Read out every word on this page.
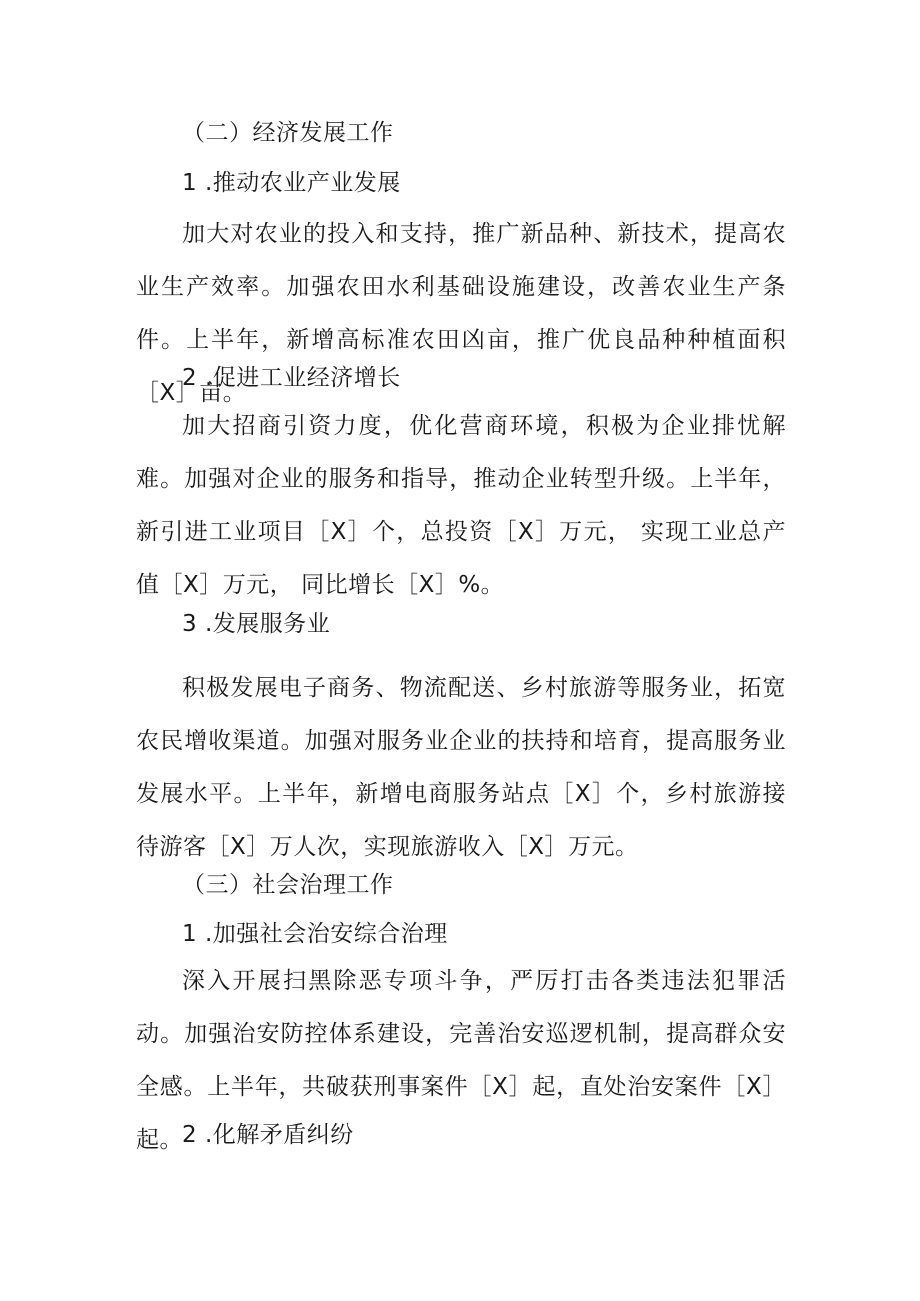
（二）经济发展工作
1 .推动农业产业发展
加大对农业的投入和支持，推广新品种、新技术，提高农业生产效率。加强农田水利基础设施建设，改善农业生产条件。上半年，新增高标准农田凶亩，推广优良品种种植面积［X］亩。
2 .促进工业经济增长
加大招商引资力度，优化营商环境，积极为企业排忧解难。加强对企业的服务和指导，推动企业转型升级。上半年，新引进工业项目［X］个，总投资［X］万元， 实现工业总产值［X］万元， 同比增长［X］%。
3 .发展服务业
积极发展电子商务、物流配送、乡村旅游等服务业，拓宽农民增收渠道。加强对服务业企业的扶持和培育，提高服务业发展水平。上半年，新增电商服务站点［X］个，乡村旅游接待游客［X］万人次，实现旅游收入［X］万元。
（三）社会治理工作
1 .加强社会治安综合治理
深入开展扫黑除恶专项斗争，严厉打击各类违法犯罪活动。加强治安防控体系建设，完善治安巡逻机制，提高群众安全感。上半年，共破获刑事案件［X］起，直处治安案件［X］起。 2 .化解矛盾纠纷
